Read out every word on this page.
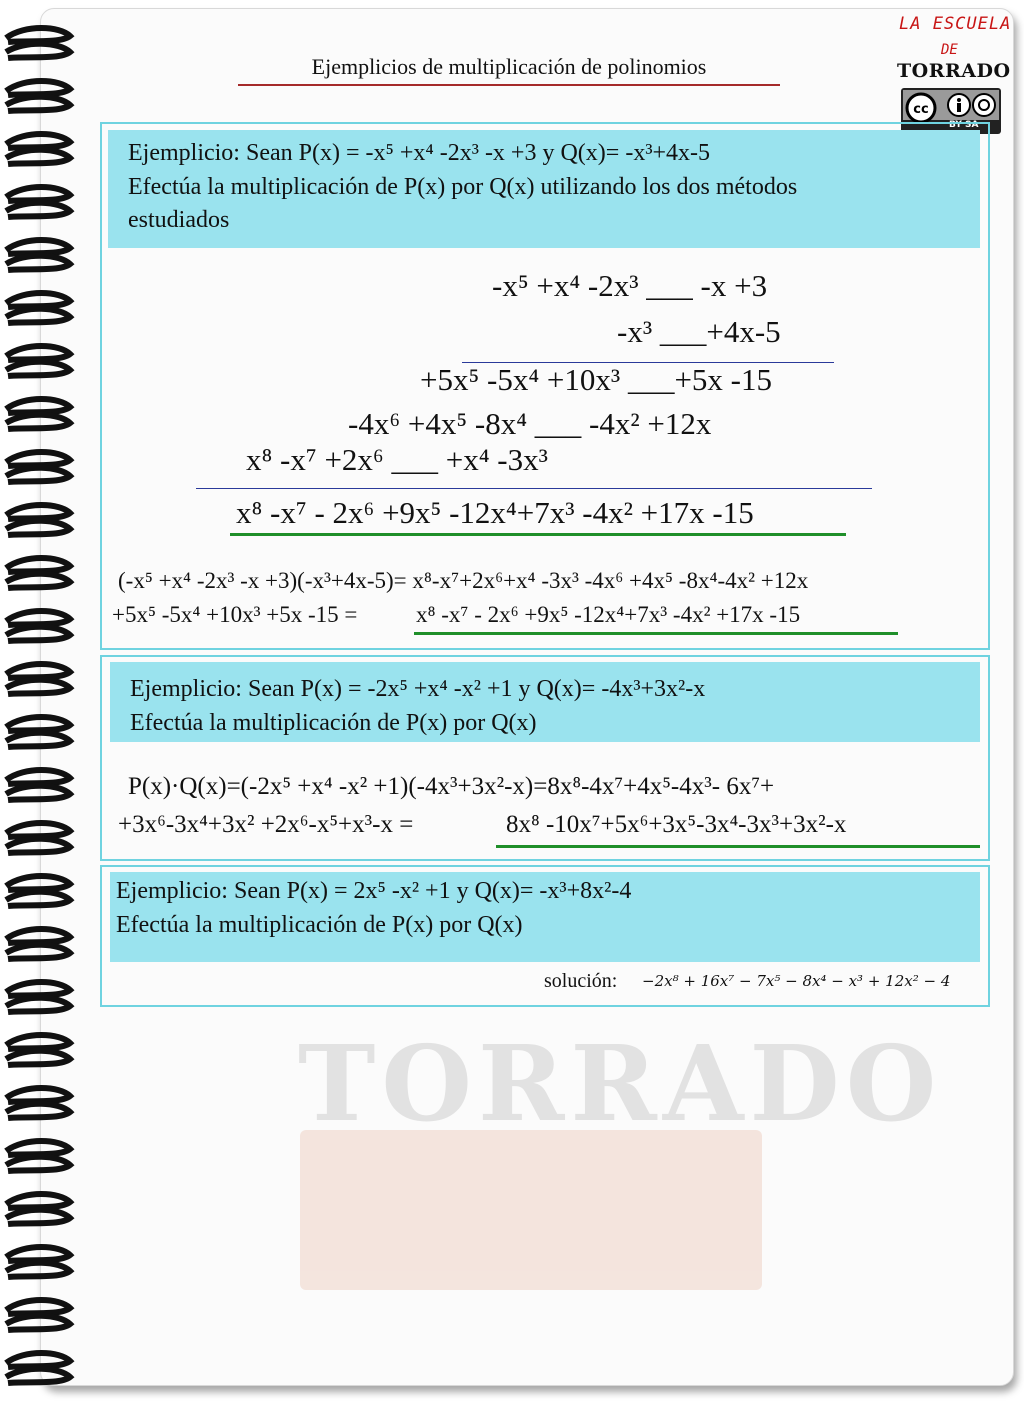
LA ESCUELA
DE
TORRADO
cc
BY SA
Ejemplicios de multiplicación de polinomios
Ejemplicio: Sean P(x) = -x⁵ +x⁴ -2x³ -x +3 y Q(x)= -x³+4x-5
Efectúa la multiplicación de P(x) por Q(x) utilizando los dos métodos
estudiados
-x⁵ +x⁴ -2x³ ___ -x +3
-x³ ___+4x-5
+5x⁵ -5x⁴ +10x³ ___+5x -15
-4x⁶ +4x⁵ -8x⁴ ___ -4x² +12x
x⁸ -x⁷ +2x⁶ ___ +x⁴ -3x³
x⁸ -x⁷ - 2x⁶ +9x⁵ -12x⁴+7x³ -4x² +17x -15
(-x⁵ +x⁴ -2x³ -x +3)(-x³+4x-5)= x⁸-x⁷+2x⁶+x⁴ -3x³ -4x⁶ +4x⁵ -8x⁴-4x² +12x
+5x⁵ -5x⁴ +10x³ +5x -15 =	x⁸ -x⁷ - 2x⁶ +9x⁵ -12x⁴+7x³ -4x² +17x -15
Ejemplicio: Sean P(x) = -2x⁵ +x⁴ -x² +1 y Q(x)= -4x³+3x²-x
Efectúa la multiplicación de P(x) por Q(x)
P(x)·Q(x)=(-2x⁵ +x⁴ -x² +1)(-4x³+3x²-x)=8x⁸-4x⁷+4x⁵-4x³- 6x⁷+
+3x⁶-3x⁴+3x² +2x⁶-x⁵+x³-x =	8x⁸ -10x⁷+5x⁶+3x⁵-3x⁴-3x³+3x²-x
Ejemplicio: Sean P(x) = 2x⁵ -x² +1 y Q(x)= -x³+8x²-4
Efectúa la multiplicación de P(x) por Q(x)
solución: −2x⁸ + 16x⁷ − 7x⁵ − 8x⁴ − x³ + 12x² − 4
